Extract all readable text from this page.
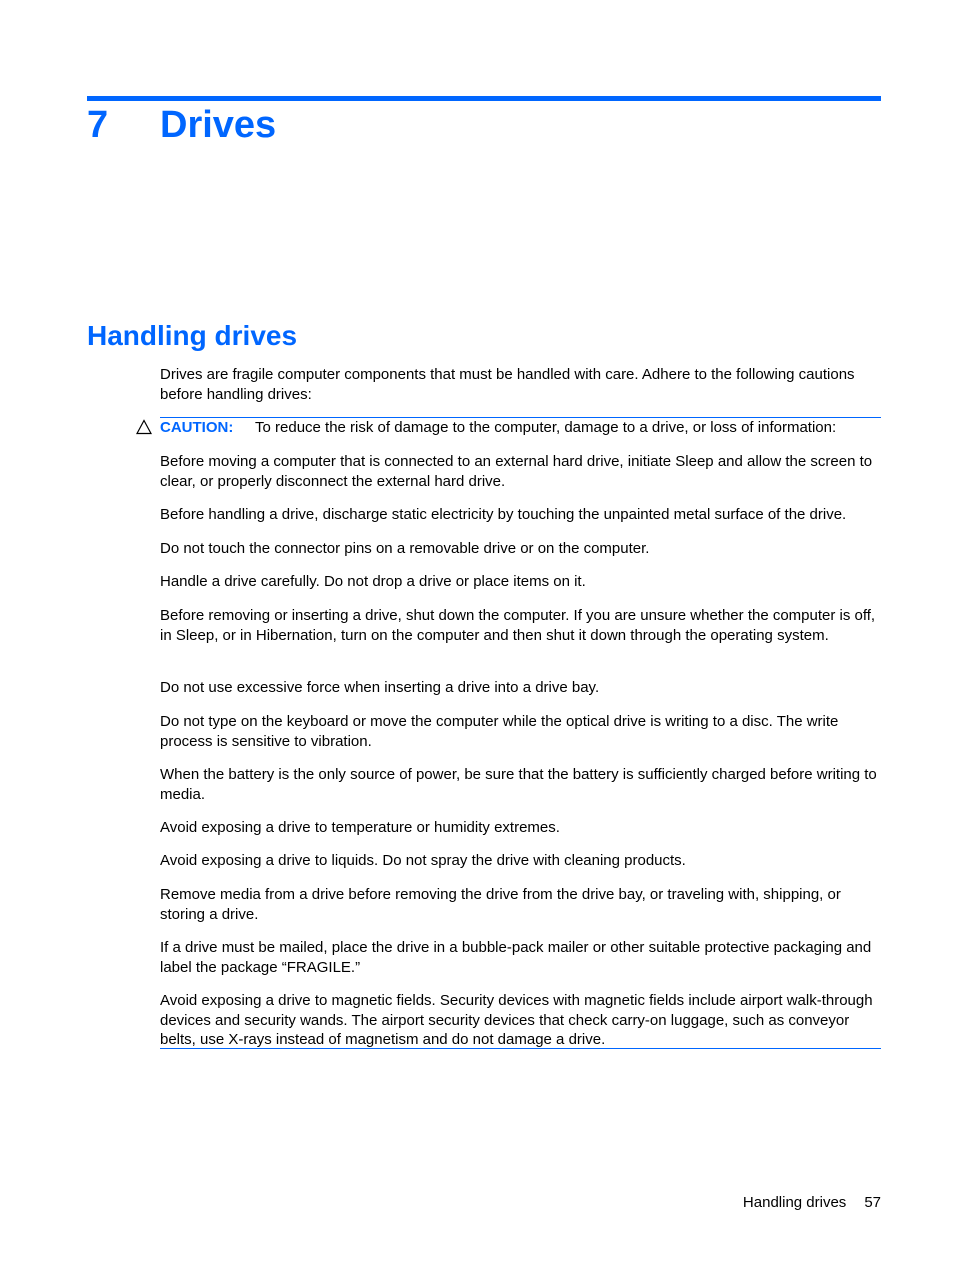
7 Drives
Handling drives

Drives are fragile computer components that must be handled with care. Adhere to the following cautions before handling drives:

CAUTION: To reduce the risk of damage to the computer, damage to a drive, or loss of information:

Before moving a computer that is connected to an external hard drive, initiate Sleep and allow the screen to clear, or properly disconnect the external hard drive.

Before handling a drive, discharge static electricity by touching the unpainted metal surface of the drive.

Do not touch the connector pins on a removable drive or on the computer.

Handle a drive carefully. Do not drop a drive or place items on it.

Before removing or inserting a drive, shut down the computer. If you are unsure whether the computer is off, in Sleep, or in Hibernation, turn on the computer and then shut it down through the operating system.

Do not use excessive force when inserting a drive into a drive bay.

Do not type on the keyboard or move the computer while the optical drive is writing to a disc. The write process is sensitive to vibration.

When the battery is the only source of power, be sure that the battery is sufficiently charged before writing to media.

Avoid exposing a drive to temperature or humidity extremes.

Avoid exposing a drive to liquids. Do not spray the drive with cleaning products.

Remove media from a drive before removing the drive from the drive bay, or traveling with, shipping, or storing a drive.

If a drive must be mailed, place the drive in a bubble-pack mailer or other suitable protective packaging and label the package “FRAGILE.”

Avoid exposing a drive to magnetic fields. Security devices with magnetic fields include airport walk-through devices and security wands. The airport security devices that check carry-on luggage, such as conveyor belts, use X-rays instead of magnetism and do not damage a drive.

Handling drives 57
